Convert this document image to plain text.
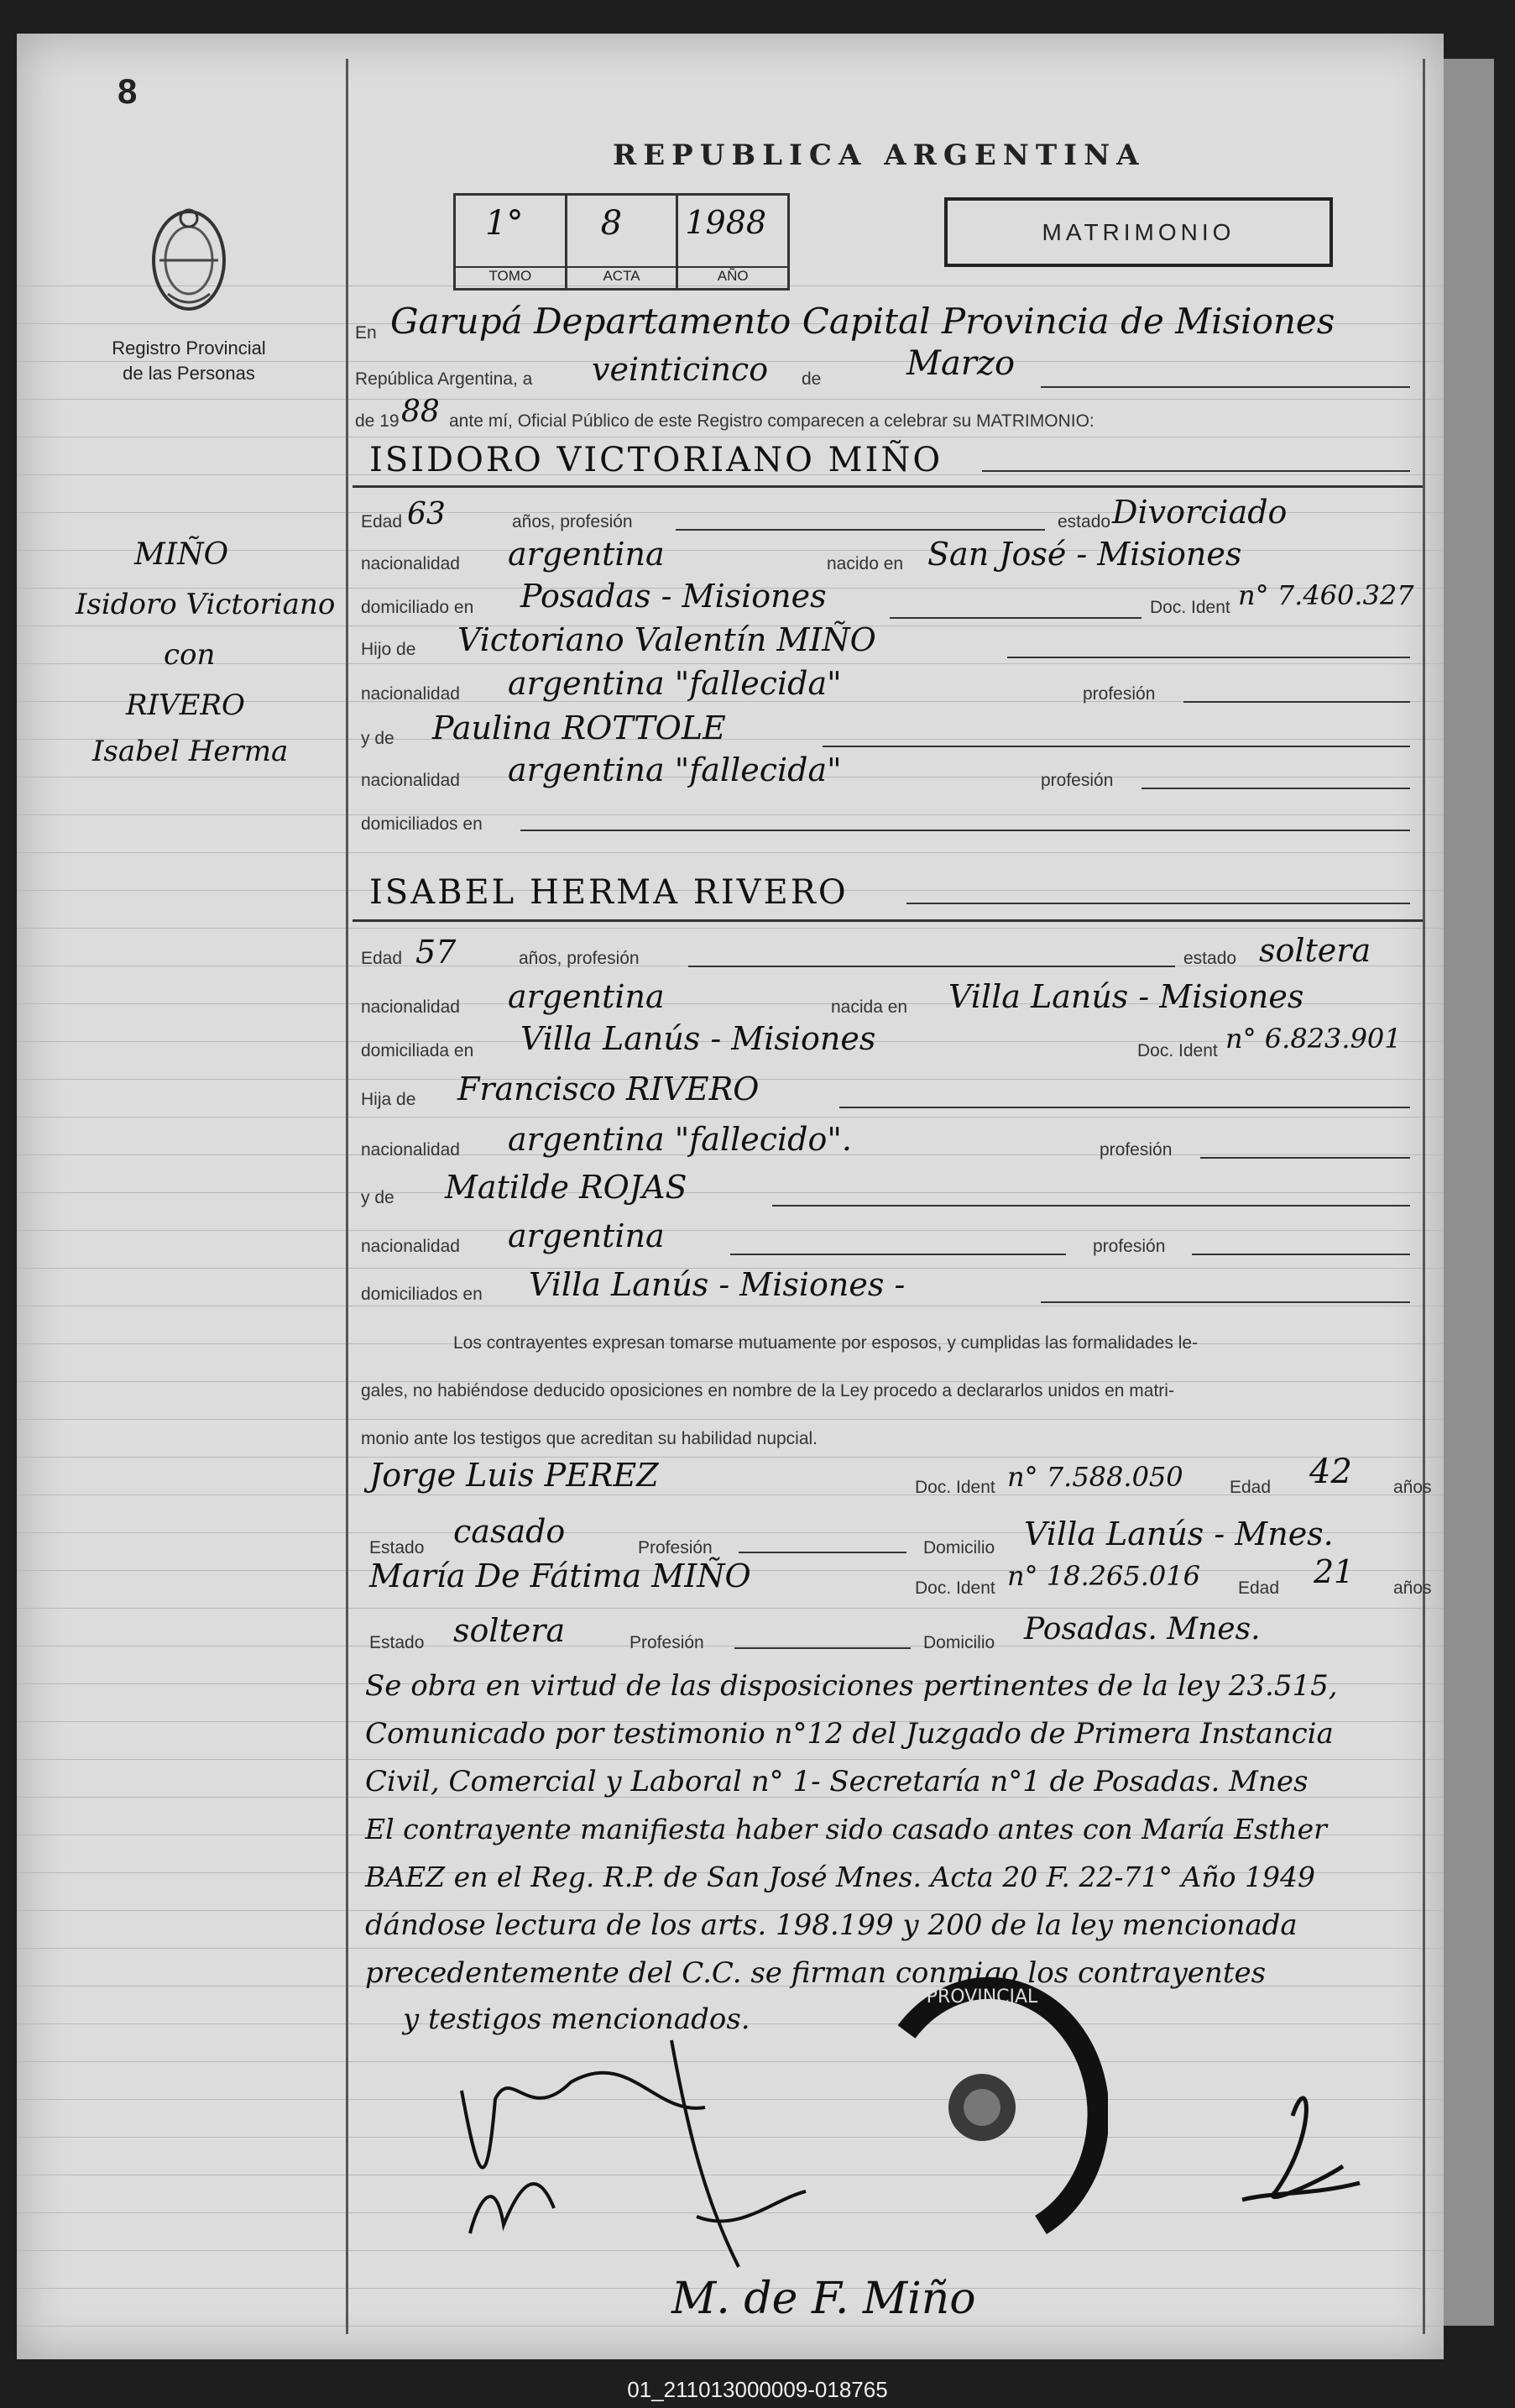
8
Registro Provincial
de las Personas
MIÑO
Isidoro Victoriano
con
RIVERO
Isabel Herma
REPUBLICA ARGENTINA
1°
TOMO
8
ACTA
1988
AÑO
MATRIMONIO
En Garupá Departamento Capital Provincia de Misiones
República Argentina, a veinticinco de	Marzo
de 19 88 ante mí, Oficial Público de este Registro comparecen a celebrar su MATRIMONIO:
ISIDORO VICTORIANO MIÑO
Edad 63	años, profesión	estado Divorciado
nacionalidad argentina	nacido en San José - Misiones
domiciliado en Posadas - Misiones	Doc. Ident n° 7.460.327
Hijo de Victoriano Valentín MIÑO
nacionalidad argentina "fallecida"	profesión
y de Paulina ROTTOLE
nacionalidad argentina "fallecida"	profesión
domiciliados en
ISABEL HERMA RIVERO
Edad 57	años, profesión	estado soltera
nacionalidad argentina	nacida en Villa Lanús - Misiones
domiciliada en Villa Lanús - Misiones	Doc. Ident n° 6.823.901
Hija de Francisco RIVERO
nacionalidad argentina "fallecido".	profesión
y de Matilde ROJAS
nacionalidad argentina	profesión
domiciliados en Villa Lanús - Misiones -
Los contrayentes expresan tomarse mutuamente por esposos, y cumplidas las formalidades le-
gales, no habiéndose deducido oposiciones en nombre de la Ley procedo a declararlos unidos en matri-
monio ante los testigos que acreditan su habilidad nupcial.
Jorge Luis PEREZ	Doc. Ident n° 7.588.050	Edad 42 años
Estado casado	Profesión	Domicilio Villa Lanús - Mnes.
María De Fátima MIÑO	Doc. Ident n° 18.265.016 Edad 21 años
Estado soltera	Profesión	Domicilio Posadas. Mnes.
Se obra en virtud de las disposiciones pertinentes de la ley 23.515,
Comunicado por testimonio n°12 del Juzgado de Primera Instancia
Civil, Comercial y Laboral n° 1- Secretaría n°1 de Posadas. Mnes
El contrayente manifiesta haber sido casado antes con María Esther
BAEZ en el Reg. R.P. de San José Mnes. Acta 20 F. 22-71° Año 1949
dándose lectura de los arts. 198.199 y 200 de la ley mencionada
precedentemente del C.C. se firman conmigo los contrayentes
y testigos mencionados.
PROVINCIAL
M. de F. Miño
01_211013000009-018765
